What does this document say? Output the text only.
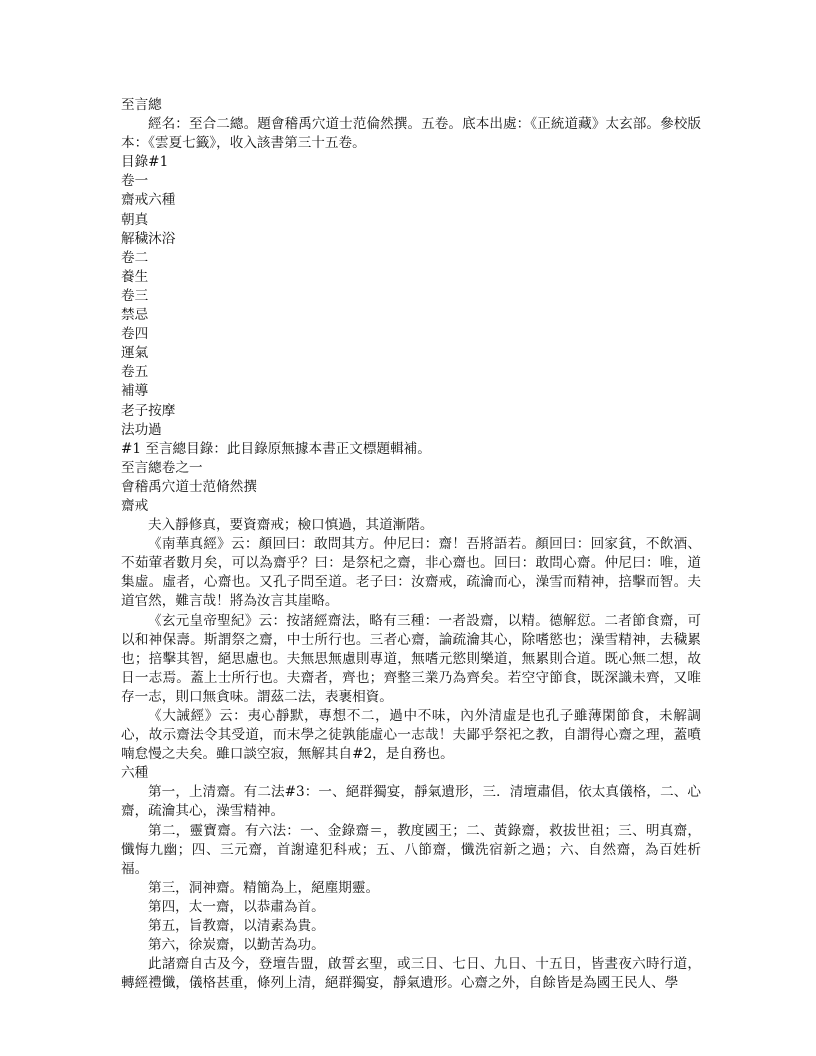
至言總

經名：至合二總。題會稽禹穴道士范倫然撰。五卷。底本出處：《正統道藏》太玄部。參校版本：《雲夏七籤》，收入該書第三十五卷。

目錄#1

卷一

齋戒六種

朝真

解穢沐浴

卷二

養生

卷三

禁忌

卷四

運氣

卷五

補導

老子按摩

法功過

#1 至言總目錄：此目錄原無據本書正文標題輯補。

至言總卷之一

會稽禹穴道士范脩然撰

齋戒

夫入靜修真，要資齋戒；檢口慎過，其道漸階。

《南華真經》云：顏回曰：敢問其方。仲尼曰：齋！吾將語若。顏回曰：回家貧，不飲酒、不茹葷者數月矣，可以為齋乎？曰：是祭杞之齋，非心齋也。回曰：敢問心齋。仲尼曰：唯，道集虛。虛者，心齋也。又孔子問至道。老子曰：汝齋戒，疏瀹而心，澡雪而精神，掊擊而智。夫道官然，難言哉！將為汝言其崖略。

《玄元皇帝聖紀》云：按諸經齋法，略有三種：一者設齋，以精。德解愆。二者節食齋，可以和神保壽。斯謂祭之齋，中士所行也。三者心齋，論疏瀹其心，除嗜慾也；澡雪精神，去穢累也；掊擊其智，絕思慮也。夫無思無慮則專道，無嗜元慾則樂道，無累則合道。既心無二想，故日一志焉。蓋上士所行也。夫齋者，齊也；齊整三業乃為齊矣。若空守節食，既深識未齊，又唯存一志，則口無貪味。謂茲二法，表裹相資。

《大誡經》云：夷心靜默，專想不二，過中不味，內外清虛是也孔子雖薄閑節食，未解調心，故示齋法令其受道，而末學之徒孰能虛心一志哉！夫鄙乎祭祀之教，自謂得心齋之理，蓋噴喃怠慢之夫矣。雖口談空寂，無解其自#2，是自務也。

六種

第一，上清齋。有二法#3：一、絕群獨宴，靜氣遺形，三．清壇肅倡，依太真儀格，二、心齋，疏瀹其心，澡雪精神。

第二，靈寶齋。有六法：一、金錄齋＝，教度國王；二、黃錄齋，救拔世祖；三、明真齋，懺悔九幽；四、三元齋，首謝違犯科戒；五、八節齋，懺洗宿新之過；六、自然齋，為百姓析福。

第三，洞神齋。精簡為上，絕塵期靈。

第四，太一齋，以恭肅為首。

第五，旨教齋，以清素為貴。

第六，徐炭齋，以勤苦為功。

此諸齋自古及今，登壇告盟，啟誓玄聖，或三日、七日、九日、十五日，皆晝夜六時行道，轉經禮懺，儀格甚重，條列上清，絕群獨宴，靜氣遺形。心齋之外，自餘皆是為國王民人、學
